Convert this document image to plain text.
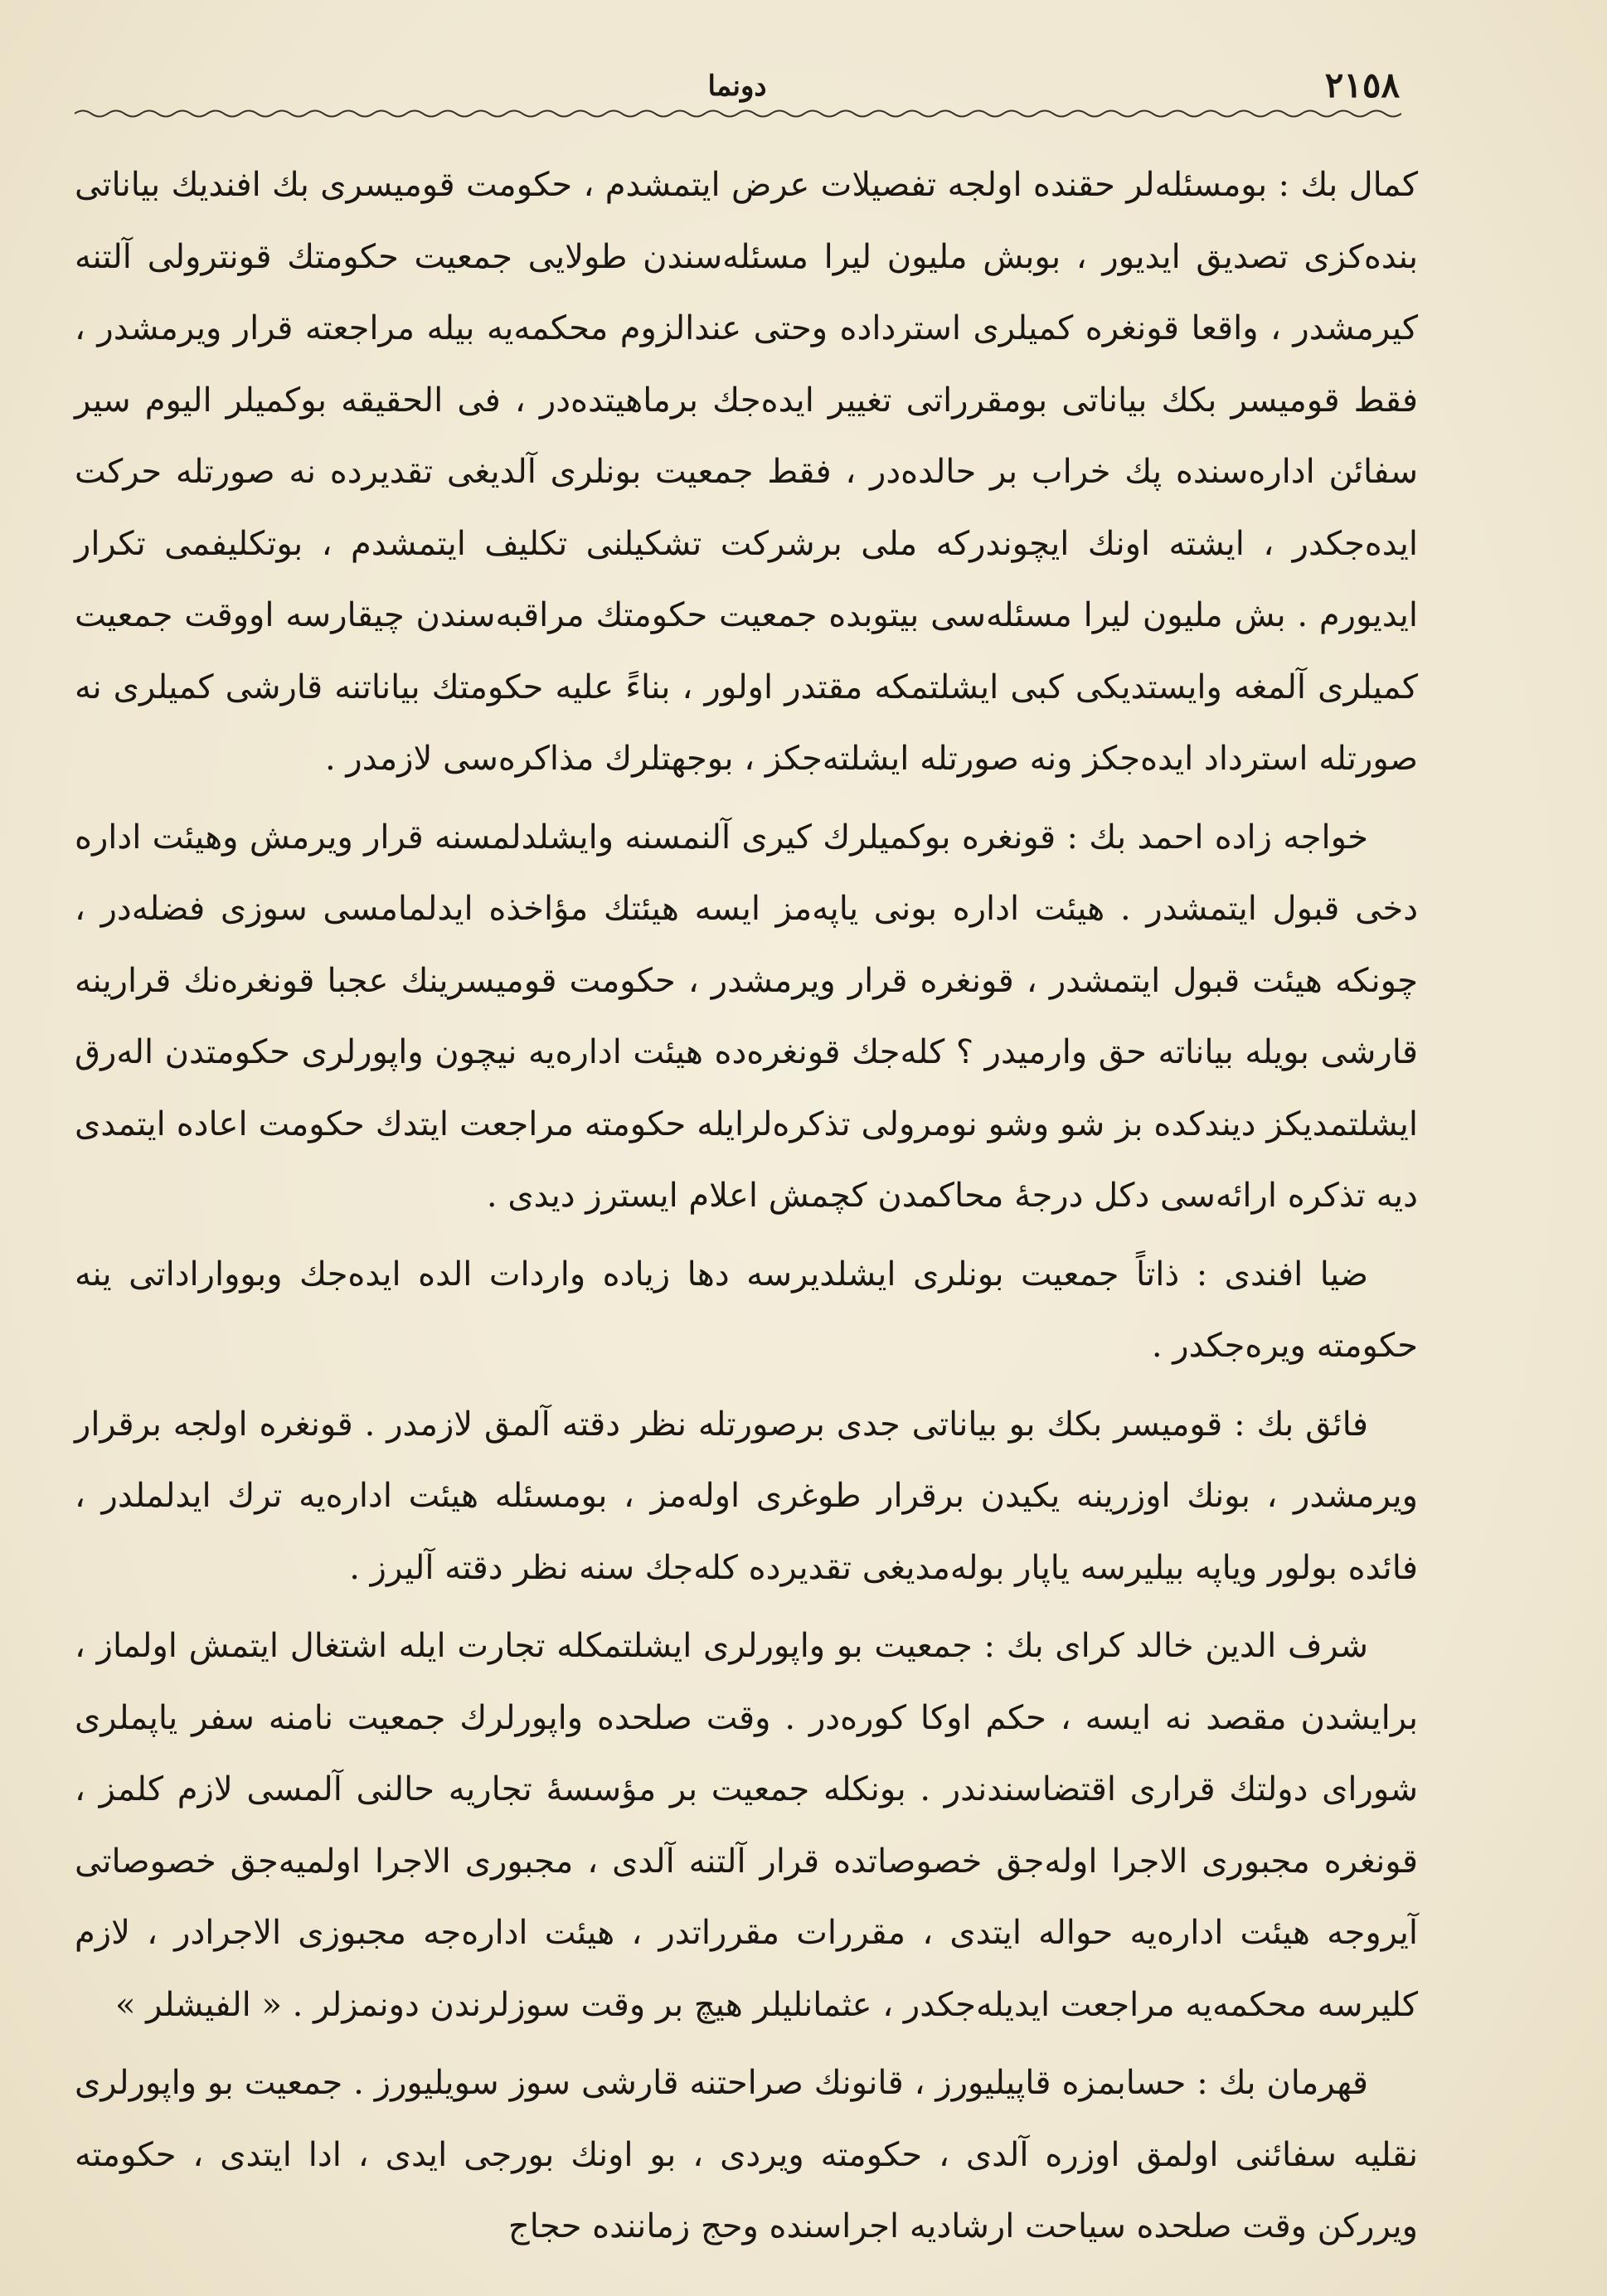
دونما	٢١٥٨

كمال بك : بومسئله‌لر حقنده اولجه تفصيلات عرض ايتمشدم ، حكومت قوميسرى بك افنديك بياناتى بنده‌كزى تصديق ايديور ، بوبش مليون ليرا مسئله‌سندن طولايى جمعيت حكومتك قونترولى آلتنه كيرمشدر ، واقعا قونغره كميلرى استرداده وحتى عندالزوم محكمه‌يه بيله مراجعته قرار ويرمشدر ، فقط قوميسر بكك بياناتى بومقرراتى تغيير ايده‌جك برماهيتده‌در ، فى الحقيقه بوكميلر اليوم سير سفائن اداره‌سنده پك خراب بر حالده‌در ، فقط جمعيت بونلرى آلديغى تقديرده نه صورتله حركت ايده‌جكدر ، ايشته اونك ايچوندركه ملى برشركت تشكيلنى تكليف ايتمشدم ، بوتكليفمى تكرار ايديورم . بش مليون ليرا مسئله‌سى بيتوبده جمعيت حكومتك مراقبه‌سندن چيقارسه اووقت جمعيت كميلرى آلمغه وايستديكى كبى ايشلتمكه مقتدر اولور ، بناءً عليه حكومتك بياناتنه قارشى كميلرى نه صورتله استرداد ايده‌جكز ونه صورتله ايشلته‌جكز ، بوجهتلرك مذاكره‌سى لازمدر .

خواجه زاده احمد بك : قونغره بوكميلرك كيرى آلنمسنه وايشلدلمسنه قرار ويرمش وهيئت اداره دخى قبول ايتمشدر . هيئت اداره بونى ياپه‌مز ايسه هيئتك مؤاخذه ايدلمامسى سوزى فضله‌در ، چونكه هيئت قبول ايتمشدر ، قونغره قرار ويرمشدر ، حكومت قوميسرينك عجبا قونغره‌نك قرارينه قارشى بويله بياناته حق وارميدر ؟ كله‌جك قونغره‌ده هيئت اداره‌يه نيچون واپورلرى حكومتدن اله‌رق ايشلتمديكز ديندكده بز شو وشو نومرولى تذكره‌لرايله حكومته مراجعت ايتدك حكومت اعاده ايتمدى ديه تذكره ارائه‌سى دكل درجهٔ محاكمدن كچمش اعلام ايسترز ديدى .

ضيا افندى : ذاتاً جمعيت بونلرى ايشلدیرسه دها زياده واردات الده ايده‌جك وبوواراداتى ينه حكومته ويره‌جكدر .

فائق بك : قوميسر بكك بو بياناتى جدى برصورتله نظر دقته آلمق لازمدر . قونغره اولجه برقرار ويرمشدر ، بونك اوزرينه يكيدن برقرار طوغرى اوله‌مز ، بومسئله هيئت اداره‌يه ترك ايدلملدر ، فائده بولور وياپه بيليرسه ياپار بوله‌مديغى تقديرده كله‌جك سنه نظر دقته آليرز .

شرف الدين خالد كراى بك : جمعيت بو واپورلرى ايشلتمكله تجارت ايله اشتغال ايتمش اولماز ، برايشدن مقصد نه ايسه ، حكم اوكا كوره‌در . وقت صلحده واپورلرك جمعيت نامنه سفر ياپملرى شوراى دولتك قرارى اقتضاسندندر . بونكله جمعيت بر مؤسسهٔ تجاريه حالنى آلمسى لازم كلمز ، قونغره مجبورى الاجرا اوله‌جق خصوصاتده قرار آلتنه آلدى ، مجبورى الاجرا اولميه‌جق خصوصاتى آيروجه هيئت اداره‌يه حواله ايتدى ، مقررات مقرراتدر ، هيئت اداره‌جه مجبوزى الاجرادر ، لازم كليرسه محكمه‌يه مراجعت ايديله‌جكدر ، عثمانليلر هيچ بر وقت سوزلرندن دونمزلر . « الفيشلر »

قهرمان بك : حسابمزه قاپيليورز ، قانونك صراحتنه قارشى سوز سويليورز . جمعيت بو واپورلرى نقليه سفائنى اولمق اوزره آلدى ، حكومته ويردى ، بو اونك بورجى ايدى ، ادا ايتدى ، حكومته ويرركن وقت صلحده سياحت ارشاديه اجراسنده وحج زماننده حجاج
